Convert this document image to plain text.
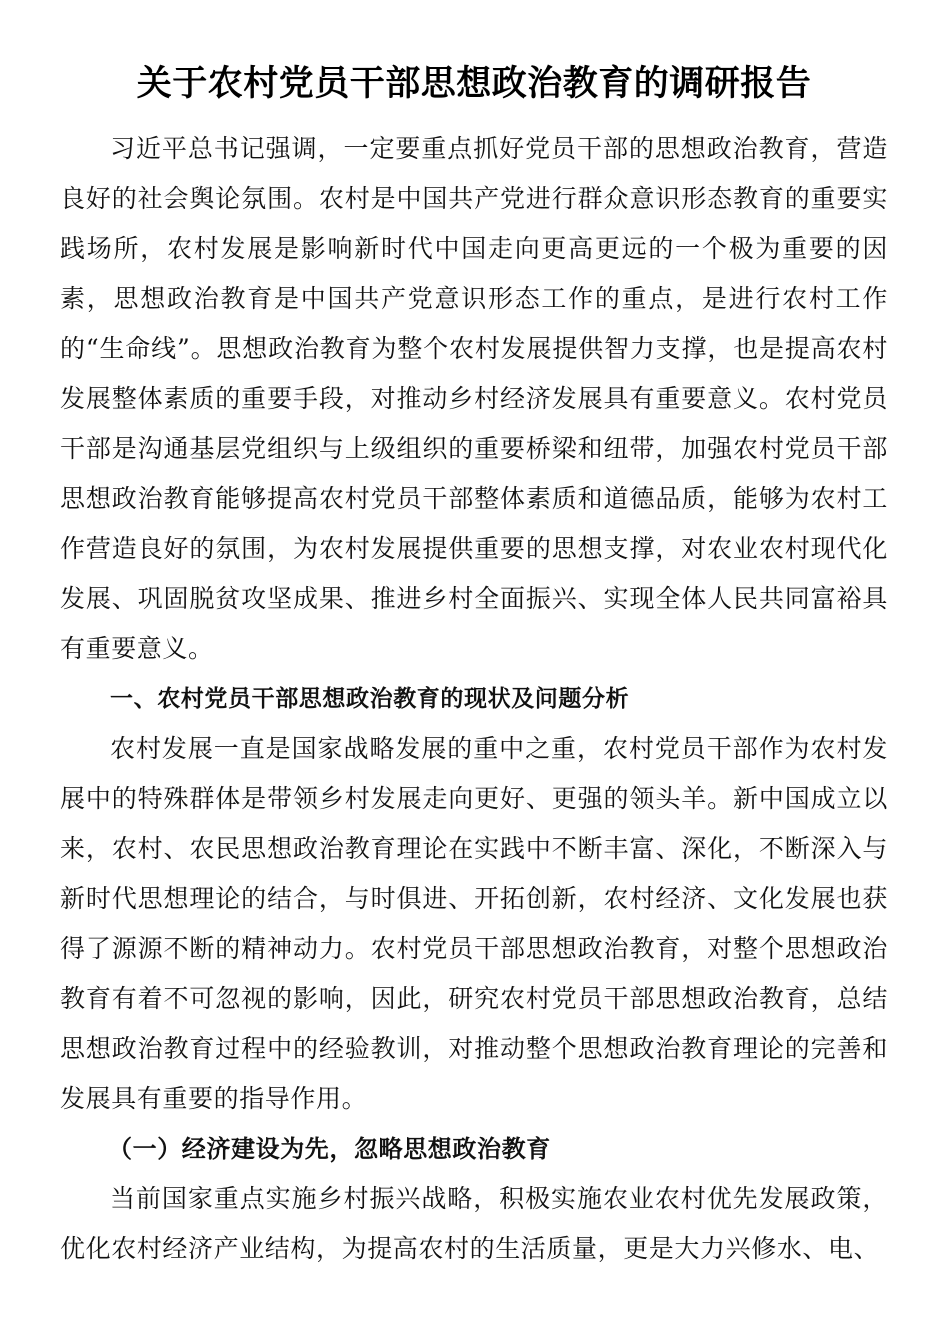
关于农村党员干部思想政治教育的调研报告

习近平总书记强调，一定要重点抓好党员干部的思想政治教育，营造良好的社会舆论氛围。农村是中国共产党进行群众意识形态教育的重要实践场所，农村发展是影响新时代中国走向更高更远的一个极为重要的因素，思想政治教育是中国共产党意识形态工作的重点，是进行农村工作的“生命线”。思想政治教育为整个农村发展提供智力支撑，也是提高农村发展整体素质的重要手段，对推动乡村经济发展具有重要意义。农村党员干部是沟通基层党组织与上级组织的重要桥梁和纽带，加强农村党员干部思想政治教育能够提高农村党员干部整体素质和道德品质，能够为农村工作营造良好的氛围，为农村发展提供重要的思想支撑，对农业农村现代化发展、巩固脱贫攻坚成果、推进乡村全面振兴、实现全体人民共同富裕具有重要意义。

一、农村党员干部思想政治教育的现状及问题分析

农村发展一直是国家战略发展的重中之重，农村党员干部作为农村发展中的特殊群体是带领乡村发展走向更好、更强的领头羊。新中国成立以来，农村、农民思想政治教育理论在实践中不断丰富、深化，不断深入与新时代思想理论的结合，与时俱进、开拓创新，农村经济、文化发展也获得了源源不断的精神动力。农村党员干部思想政治教育，对整个思想政治教育有着不可忽视的影响，因此，研究农村党员干部思想政治教育，总结思想政治教育过程中的经验教训，对推动整个思想政治教育理论的完善和发展具有重要的指导作用。

（一）经济建设为先，忽略思想政治教育

当前国家重点实施乡村振兴战略，积极实施农业农村优先发展政策，优化农村经济产业结构，为提高农村的生活质量，更是大力兴修水、电、
